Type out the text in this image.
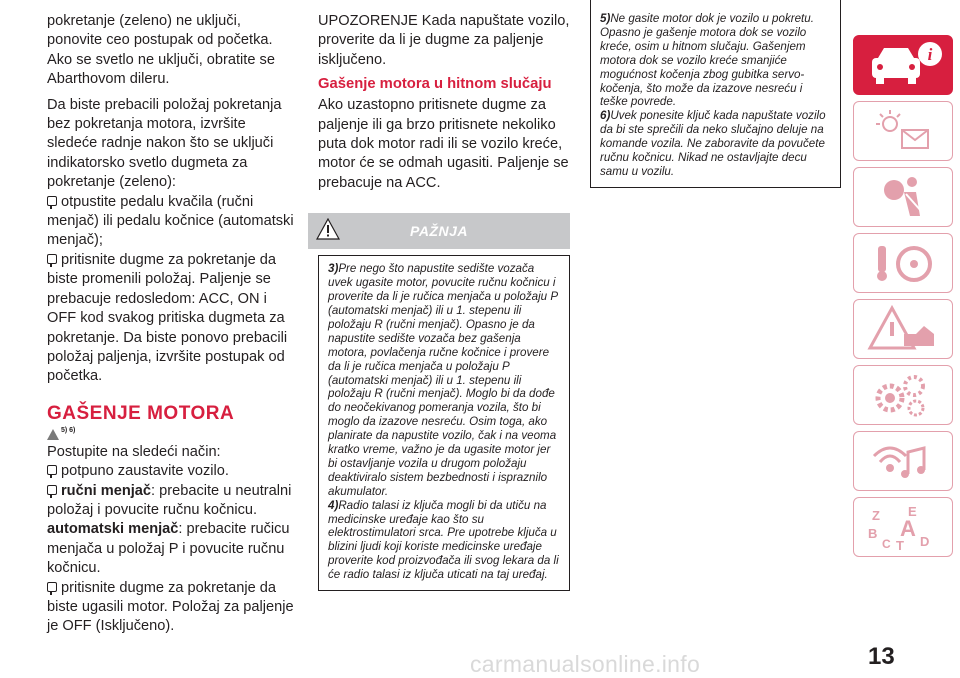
pokretanje (zeleno) ne uključi, ponovite ceo postupak od početka. Ako se svetlo ne uključi, obratite se Abarthovom dileru.

Da biste prebacili položaj pokretanja bez pokretanja motora, izvršite sledeće radnje nakon što se uključi indikatorsko svetlo dugmeta za pokretanje (zeleno):

otpustite pedalu kvačila (ručni menjač) ili pedalu kočnice (automatski menjač);

pritisnite dugme za pokretanje da biste promenili položaj. Paljenje se prebacuje redosledom: ACC, ON i OFF kod svakog pritiska dugmeta za pokretanje. Da biste ponovo prebacili položaj paljenja, izvršite postupak od početka.

GAŠENJE MOTORA
$^{5) 6)}$

Postupite na sledeći način:

potpuno zaustavite vozilo.

ručni menjač: prebacite u neutralni položaj i povucite ručnu kočnicu.

automatski menjač: prebacite ručicu menjača u položaj P i povucite ručnu kočnicu.

pritisnite dugme za pokretanje da biste ugasili motor. Položaj za paljenje je OFF (Isključeno).

UPOZORENJE Kada napuštate vozilo, proverite da li je dugme za paljenje isključeno.

Gašenje motora u hitnom slučaju

Ako uzastopno pritisnete dugme za paljenje ili ga brzo pritisnete nekoliko puta dok motor radi ili se vozilo kreće, motor će se odmah ugasiti. Paljenje se prebacuje na ACC.

PAŽNJA
3)Pre nego što napustite sedište vozača uvek ugasite motor, povucite ručnu kočnicu i proverite da li je ručica menjača u položaju P (automatski menjač) ili u 1. stepenu ili položaju R (ručni menjač). Opasno je da napustite sedište vozača bez gašenja motora, povlačenja ručne kočnice i provere da li je ručica menjača u položaju P (automatski menjač) ili u 1. stepenu ili položaju R (ručni menjač). Moglo bi da dođe do neočekivanog pomeranja vozila, što bi moglo da izazove nesreću. Osim toga, ako planirate da napustite vozilo, čak i na veoma kratko vreme, važno je da ugasite motor jer bi ostavljanje vozila u drugom položaju deaktiviralo sistem bezbednosti i ispraznilo akumulator.
4)Radio talasi iz ključa mogli bi da utiču na medicinske uređaje kao što su elektrostimulatori srca. Pre upotrebe ključa u blizini ljudi koji koriste medicinske uređaje proverite kod proizvođača ili svog lekara da li će radio talasi iz ključa uticati na taj uređaj.
5)Ne gasite motor dok je vozilo u pokretu. Opasno je gašenje motora dok se vozilo kreće, osim u hitnom slučaju. Gašenjem motora dok se vozilo kreće smanjiće mogućnost kočenja zbog gubitka servo-kočenja, što može da izazove nesreću i teške povrede.
6)Uvek ponesite ključ kada napuštate vozilo da bi ste sprečili da neko slučajno deluje na komande vozila. Ne zaboravite da povučete ručnu kočnicu. Nikad ne ostavljajte decu samu u vozilu.
i
Z E
B A
C T D
13
carmanualsonline.info
